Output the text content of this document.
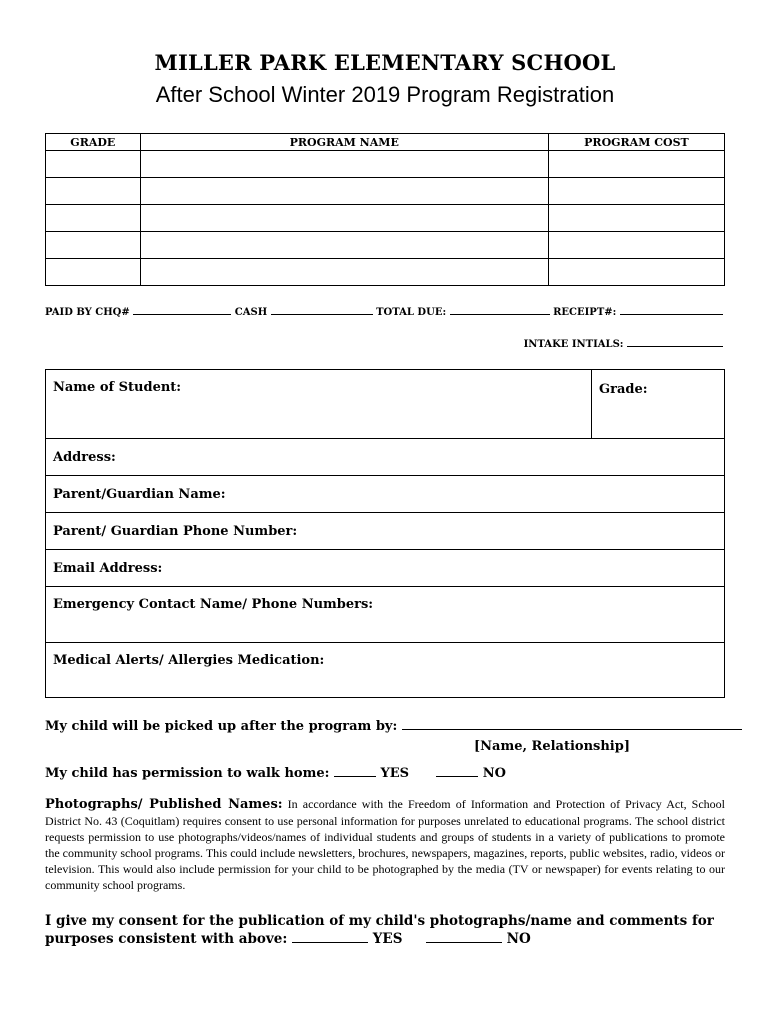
MILLER PARK ELEMENTARY SCHOOL
After School Winter 2019 Program Registration
GRADE	PROGRAM NAME	PROGRAM COST

PAID BY CHQ#	CASH	TOTAL DUE:	RECEIPT#:
INTAKE INTIALS:
Name of Student:	Grade:
Address:
Parent/Guardian Name:
Parent/ Guardian Phone Number:
Email Address:
Emergency Contact Name/ Phone Numbers:
Medical Alerts/ Allergies Medication:
My child will be picked up after the program by:
[Name, Relationship]
My child has permission to walk home:	YES	NO
Photographs/ Published Names: In accordance with the Freedom of Information and Protection of Privacy Act, School District No. 43 (Coquitlam) requires consent to use personal information for purposes unrelated to educational programs. The school district requests permission to use photographs/videos/names of individual students and groups of students in a variety of publications to promote the community school programs. This could include newsletters, brochures, newspapers, magazines, reports, public websites, radio, videos or television. This would also include permission for your child to be photographed by the media (TV or newspaper) for events relating to our community school programs.
I give my consent for the publication of my child's photographs/name and comments for purposes consistent with above:	YES	NO
